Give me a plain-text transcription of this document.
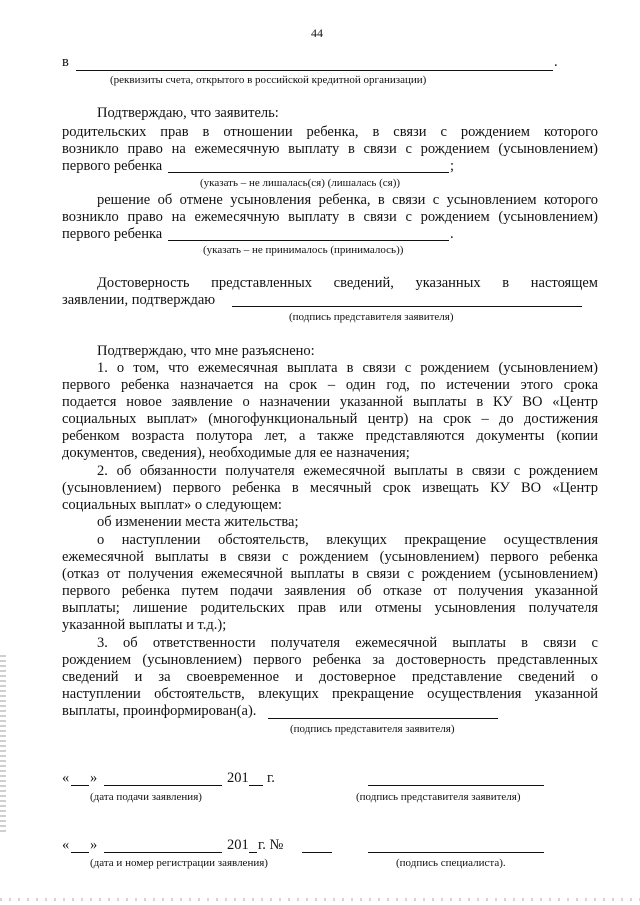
44
в	.
(реквизиты счета, открытого в российской кредитной организации)
Подтверждаю, что заявитель:
родительских прав в отношении ребенка, в связи с рождением которого
возникло право на ежемесячную выплату в связи с рождением (усыновлением)
первого ребенка	;
(указать – не лишалась(ся) (лишалась (ся))
решение об отмене усыновления ребенка, в связи с усыновлением которого
возникло право на ежемесячную выплату в связи с рождением (усыновлением)
первого ребенка	.
(указать – не принималось (принималось))
Достоверность представленных сведений, указанных в настоящем
заявлении, подтверждаю
(подпись представителя заявителя)
Подтверждаю, что мне разъяснено:
1. о том, что ежемесячная выплата в связи с рождением (усыновлением)
первого ребенка назначается на срок – один год, по истечении этого срока
подается новое заявление о назначении указанной выплаты в КУ ВО «Центр
социальных выплат» (многофункциональный центр) на срок – до достижения
ребенком возраста полутора лет, а также представляются документы (копии
документов, сведения), необходимые для ее назначения;
2. об обязанности получателя ежемесячной выплаты в связи с рождением
(усыновлением) первого ребенка в месячный срок извещать КУ ВО «Центр
социальных выплат» о следующем:
об изменении места жительства;
о наступлении обстоятельств, влекущих прекращение осуществления
ежемесячной выплаты в связи с рождением (усыновлением) первого ребенка
(отказ от получения ежемесячной выплаты в связи с рождением (усыновлением)
первого ребенка путем подачи заявления об отказе от получения указанной
выплаты; лишение родительских прав или отмены усыновления получателя
указанной выплаты и т.д.);
3. об ответственности получателя ежемесячной выплаты в связи с
рождением (усыновлением) первого ребенка за достоверность представленных
сведений и за своевременное и достоверное представление сведений о
наступлении обстоятельств, влекущих прекращение осуществления указанной
выплаты, проинформирован(а).
(подпись представителя заявителя)
« »	201 г.
(дата подачи заявления)	(подпись представителя заявителя)
« »	201 г. №
(дата и номер регистрации заявления)	(подпись специалиста).
